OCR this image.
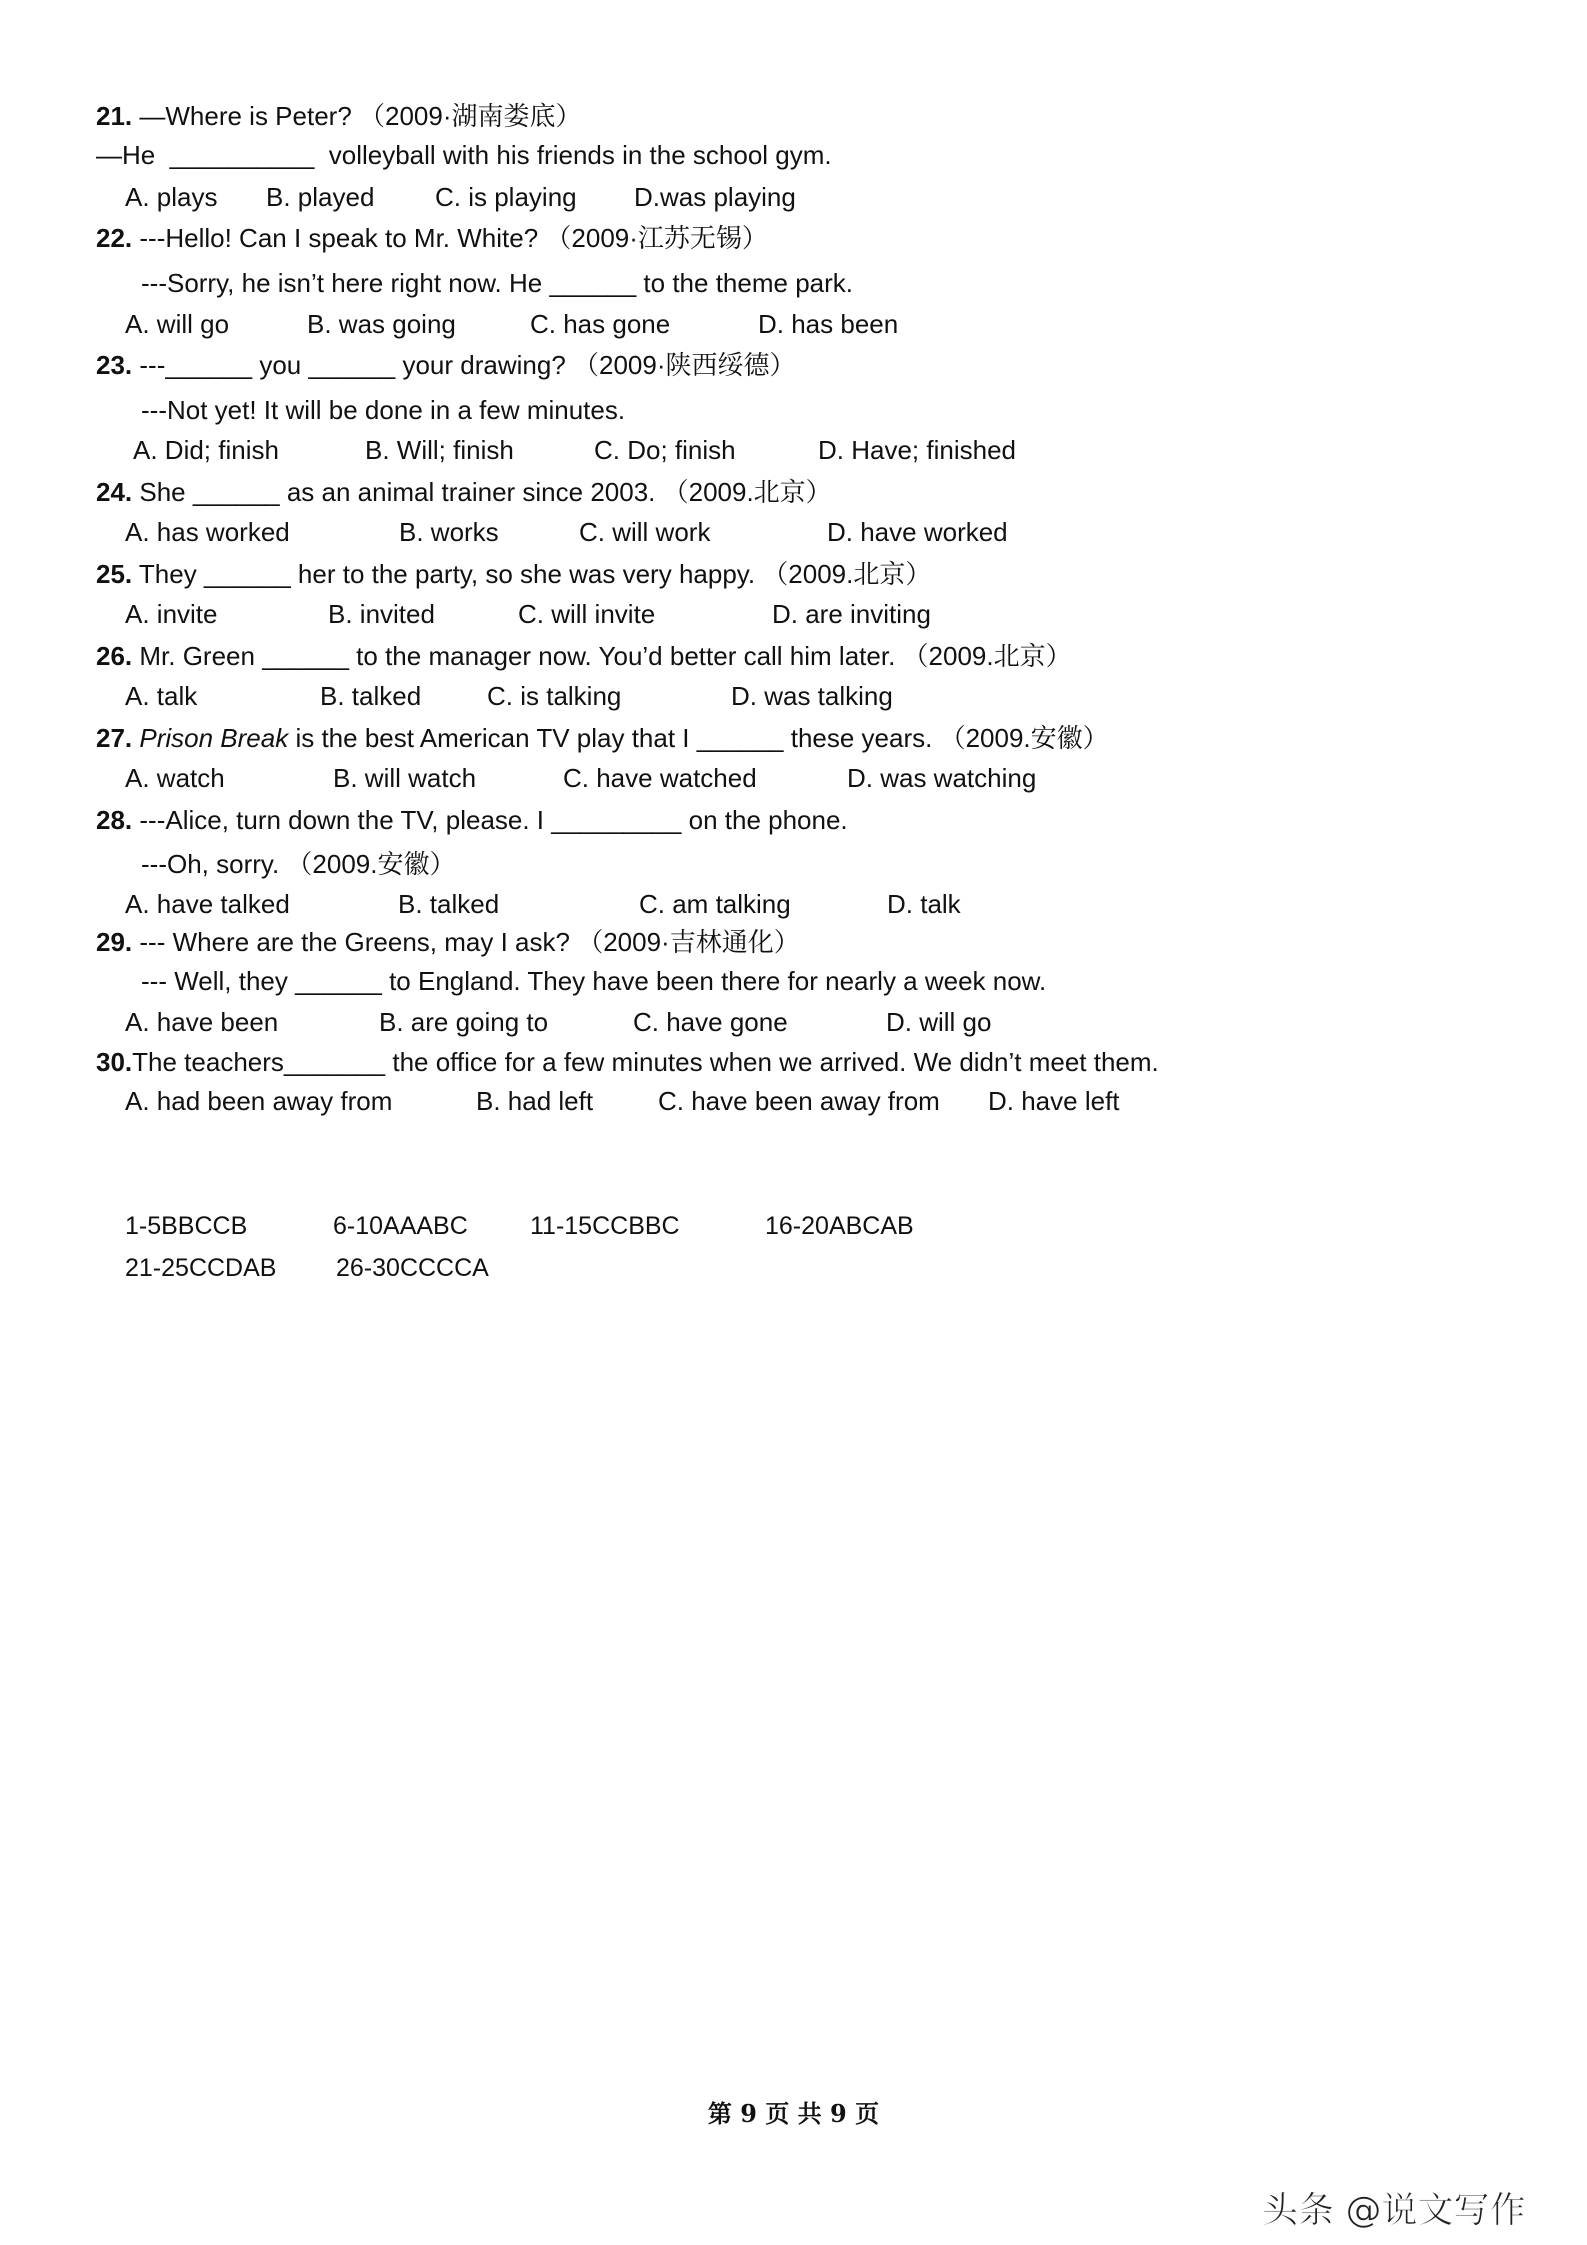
21. —Where is Peter? （2009·湖南娄底）
—He  __________  volleyball with his friends in the school gym.
A. plays B. played C. is playing D.was playing
22. ---Hello! Can I speak to Mr. White? （2009·江苏无锡）
---Sorry, he isn’t here right now. He ______ to the theme park.
A. will go	B. was going	C. has gone	D. has been
23. ---______ you ______ your drawing? （2009·陕西绥德）
---Not yet! It will be done in a few minutes.
A. Did; finish	B. Will; finish	C. Do; finish	D. Have; finished
24. She ______ as an animal trainer since 2003. （2009.北京）
A. has worked	B. works	C. will work	D. have worked
25. They ______ her to the party, so she was very happy. （2009.北京）
A. invite	B. invited	C. will invite	D. are inviting
26. Mr. Green ______ to the manager now. You’d better call him later. （2009.北京）
A. talk	B. talked	C. is talking	D. was talking
27. Prison Break is the best American TV play that I ______ these years. （2009.安徽）
A. watch	B. will watch	C. have watched	D. was watching
28. ---Alice, turn down the TV, please. I _________ on the phone.
---Oh, sorry. （2009.安徽）
A. have talked	B. talked	C. am talking	D. talk
29. --- Where are the Greens, may I ask? （2009·吉林通化）
--- Well, they ______ to England. They have been there for nearly a week now.
A. have been	B. are going to	C. have gone	D. will go
30.The teachers_______ the office for a few minutes when we arrived. We didn’t meet them.
A. had been away from	B. had left C. have been away from D. have left
1-5BBCCB	6-10AAABC 11-15CCBBC	16-20ABCAB
21-25CCDAB 26-30CCCCA
第 9 页 共 9 页
头条 @说文写作
